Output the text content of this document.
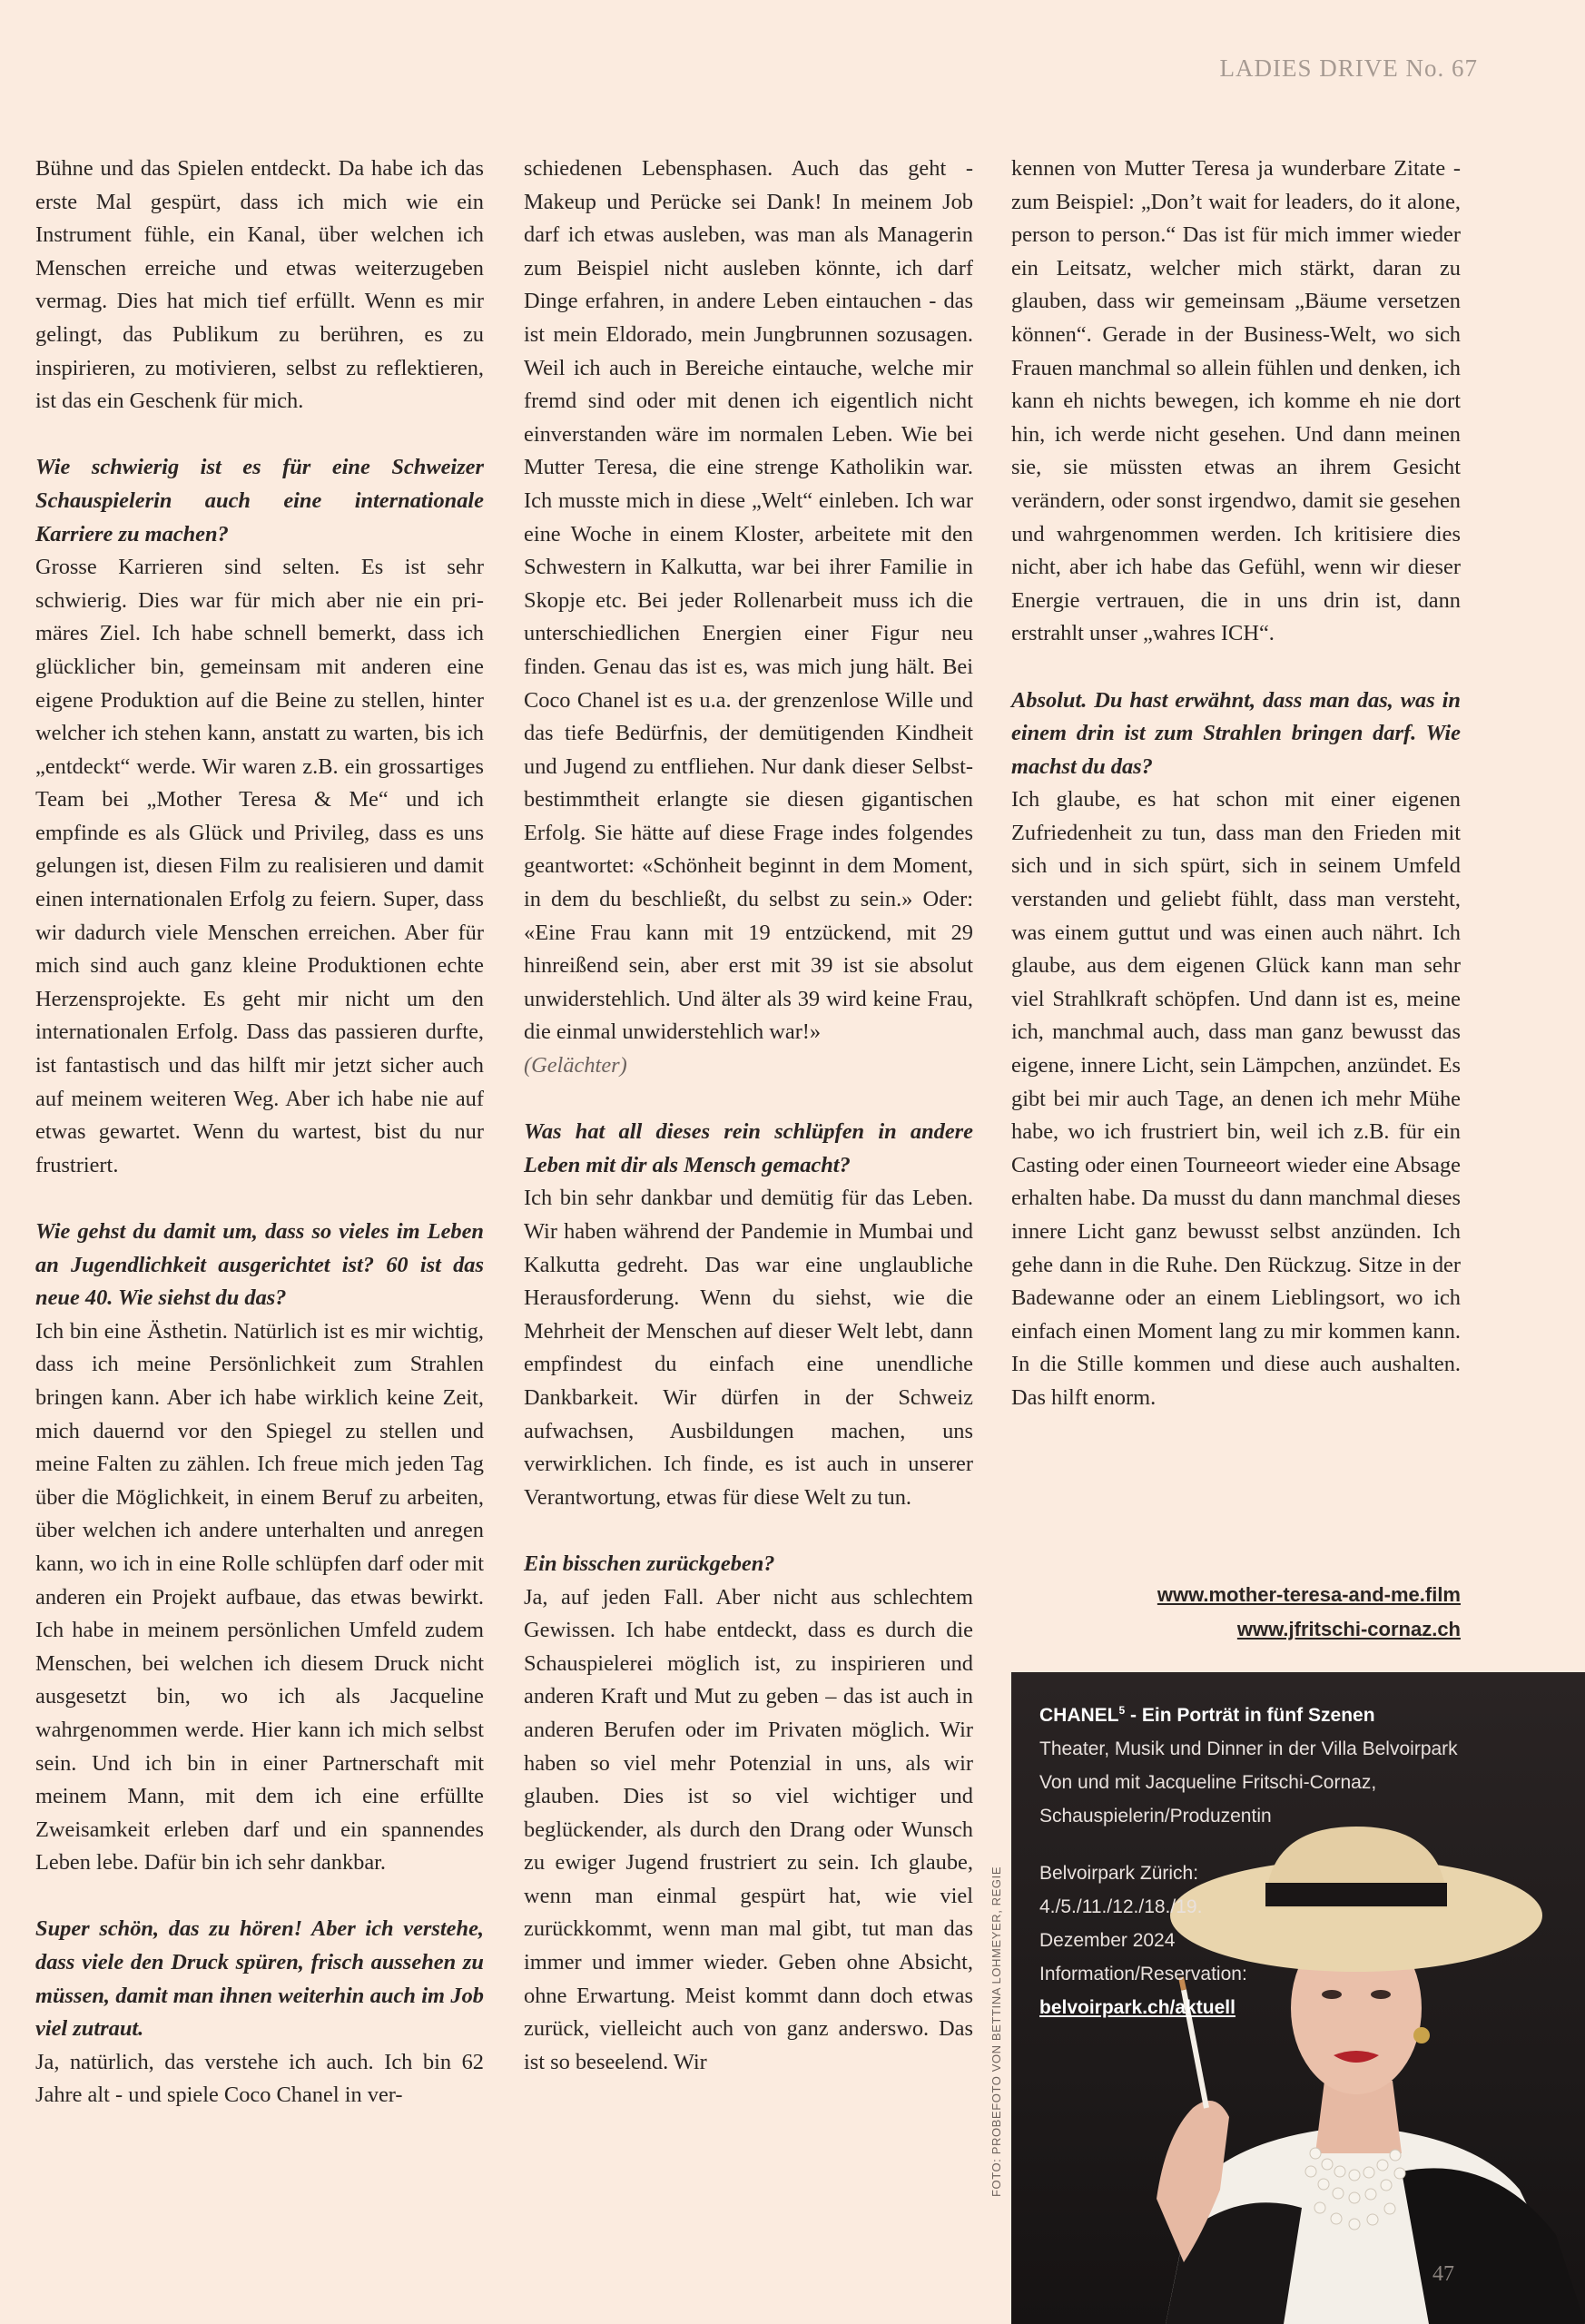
LADIES DRIVE No. 67

Bühne und das Spielen entdeckt. Da habe ich das erste Mal gespürt, dass ich mich wie ein Instrument fühle, ein Kanal, über welchen ich Menschen erreiche und etwas weiterzugeben vermag. Dies hat mich tief erfüllt. Wenn es mir gelingt, das Publikum zu berühren, es zu inspirieren, zu motivieren, selbst zu reflektieren, ist das ein Geschenk für mich.

Wie schwierig ist es für eine Schweizer Schauspielerin auch eine internationale Karriere zu machen?

Grosse Karrieren sind selten. Es ist sehr schwierig. Dies war für mich aber nie ein primäres Ziel. Ich habe schnell bemerkt, dass ich glücklicher bin, gemeinsam mit anderen eine eigene Produktion auf die Beine zu stellen, hinter welcher ich stehen kann, anstatt zu warten, bis ich „entdeckt“ werde. Wir waren z.B. ein grossartiges Team bei „Mother Teresa & Me“ und ich empfinde es als Glück und Privileg, dass es uns gelungen ist, diesen Film zu realisieren und damit einen internationalen Erfolg zu feiern. Super, dass wir dadurch viele Menschen erreichen. Aber für mich sind auch ganz kleine Produktionen echte Herzensprojekte. Es geht mir nicht um den internationalen Erfolg. Dass das passieren durfte, ist fantastisch und das hilft mir jetzt sicher auch auf meinem weiteren Weg. Aber ich habe nie auf etwas gewartet. Wenn du wartest, bist du nur frustriert.

Wie gehst du damit um, dass so vieles im Leben an Jugendlichkeit ausgerichtet ist? 60 ist das neue 40. Wie siehst du das?

Ich bin eine Ästhetin. Natürlich ist es mir wichtig, dass ich meine Persönlichkeit zum Strahlen bringen kann. Aber ich habe wirklich keine Zeit, mich dauernd vor den Spiegel zu stellen und meine Falten zu zählen. Ich freue mich jeden Tag über die Möglichkeit, in einem Beruf zu arbeiten, über welchen ich andere unterhalten und anregen kann, wo ich in eine Rolle schlüpfen darf oder mit anderen ein Projekt aufbaue, das etwas bewirkt. Ich habe in meinem persönlichen Umfeld zudem Menschen, bei welchen ich diesem Druck nicht ausgesetzt bin, wo ich als Jacqueline wahrgenommen werde. Hier kann ich mich selbst sein. Und ich bin in einer Partnerschaft mit meinem Mann, mit dem ich eine erfüllte Zweisamkeit erleben darf und ein spannendes Leben lebe. Dafür bin ich sehr dankbar.

Super schön, das zu hören! Aber ich verstehe, dass viele den Druck spüren, frisch aussehen zu müssen, damit man ihnen weiterhin auch im Job viel zutraut.

Ja, natürlich, das verstehe ich auch. Ich bin 62 Jahre alt - und spiele Coco Chanel in ver-

schiedenen Lebensphasen. Auch das geht - Makeup und Perücke sei Dank! In meinem Job darf ich etwas ausleben, was man als Managerin zum Beispiel nicht ausleben könnte, ich darf Dinge erfahren, in andere Leben eintauchen - das ist mein Eldorado, mein Jungbrunnen sozusagen. Weil ich auch in Bereiche eintauche, welche mir fremd sind oder mit denen ich eigentlich nicht einverstanden wäre im normalen Leben. Wie bei Mutter Teresa, die eine strenge Katholikin war. Ich musste mich in diese „Welt“ einleben. Ich war eine Woche in einem Kloster, arbeitete mit den Schwestern in Kalkutta, war bei ihrer Familie in Skopje etc. Bei jeder Rollenarbeit muss ich die unterschiedlichen Energien einer Figur neu finden. Genau das ist es, was mich jung hält. Bei Coco Chanel ist es u.a. der grenzenlose Wille und das tiefe Bedürfnis, der demütigenden Kindheit und Jugend zu entfliehen. Nur dank dieser Selbstbestimmtheit erlangte sie diesen gigantischen Erfolg. Sie hätte auf diese Frage indes folgendes geantwortet: «Schönheit beginnt in dem Moment, in dem du beschließt, du selbst zu sein.» Oder: «Eine Frau kann mit 19 entzückend, mit 29 hinreißend sein, aber erst mit 39 ist sie absolut unwiderstehlich. Und älter als 39 wird keine Frau, die einmal unwiderstehlich war!»

(Gelächter)

Was hat all dieses rein schlüpfen in andere Leben mit dir als Mensch gemacht?

Ich bin sehr dankbar und demütig für das Leben. Wir haben während der Pandemie in Mumbai und Kalkutta gedreht. Das war eine unglaubliche Herausforderung. Wenn du siehst, wie die Mehrheit der Menschen auf dieser Welt lebt, dann empfindest du einfach eine unendliche Dankbarkeit. Wir dürfen in der Schweiz aufwachsen, Ausbildungen machen, uns verwirklichen. Ich finde, es ist auch in unserer Verantwortung, etwas für diese Welt zu tun.

Ein bisschen zurückgeben?

Ja, auf jeden Fall. Aber nicht aus schlechtem Gewissen. Ich habe entdeckt, dass es durch die Schauspielerei möglich ist, zu inspirieren und anderen Kraft und Mut zu geben – das ist auch in anderen Berufen oder im Privaten möglich. Wir haben so viel mehr Potenzial in uns, als wir glauben. Dies ist so viel wichtiger und beglückender, als durch den Drang oder Wunsch zu ewiger Jugend frustriert zu sein. Ich glaube, wenn man einmal gespürt hat, wie viel zurückkommt, wenn man mal gibt, tut man das immer und immer wieder. Geben ohne Absicht, ohne Erwartung. Meist kommt dann doch etwas zurück, vielleicht auch von ganz anderswo. Das ist so beseelend. Wir

kennen von Mutter Teresa ja wunderbare Zitate - zum Beispiel: „Don’t wait for leaders, do it alone, person to person.“ Das ist für mich immer wieder ein Leitsatz, welcher mich stärkt, daran zu glauben, dass wir gemeinsam „Bäume versetzen können“. Gerade in der Business-Welt, wo sich Frauen manchmal so allein fühlen und denken, ich kann eh nichts bewegen, ich komme eh nie dort hin, ich werde nicht gesehen. Und dann meinen sie, sie müssten etwas an ihrem Gesicht verändern, oder sonst irgendwo, damit sie gesehen und wahrgenommen werden. Ich kritisiere dies nicht, aber ich habe das Gefühl, wenn wir dieser Energie vertrauen, die in uns drin ist, dann erstrahlt unser „wahres ICH“.

Absolut. Du hast erwähnt, dass man das, was in einem drin ist zum Strahlen bringen darf. Wie machst du das?

Ich glaube, es hat schon mit einer eigenen Zufriedenheit zu tun, dass man den Frieden mit sich und in sich spürt, sich in seinem Umfeld verstanden und geliebt fühlt, dass man versteht, was einem guttut und was einen auch nährt. Ich glaube, aus dem eigenen Glück kann man sehr viel Strahlkraft schöpfen. Und dann ist es, meine ich, manchmal auch, dass man ganz bewusst das eigene, innere Licht, sein Lämpchen, anzündet. Es gibt bei mir auch Tage, an denen ich mehr Mühe habe, wo ich frustriert bin, weil ich z.B. für ein Casting oder einen Tourneeort wieder eine Absage erhalten habe. Da musst du dann manchmal dieses innere Licht ganz bewusst selbst anzünden. Ich gehe dann in die Ruhe. Den Rückzug. Sitze in der Badewanne oder an einem Lieblingsort, wo ich einfach einen Moment lang zu mir kommen kann. In die Stille kommen und diese auch aushalten. Das hilft enorm.

www.mother-teresa-and-me.film
www.jfritschi-cornaz.ch
FOTO: PROBEFOTO VON BETTINA LOHMEYER, REGIE
CHANEL$^5$ - Ein Porträt in fünf Szenen
Theater, Musik und Dinner in der Villa Belvoirpark
Von und mit Jacqueline Fritschi-Cornaz,
Schauspielerin/Produzentin
Belvoirpark Zürich:
4./5./11./12./18./19.
Dezember 2024
Information/Reservation:
belvoirpark.ch/aktuell
47
